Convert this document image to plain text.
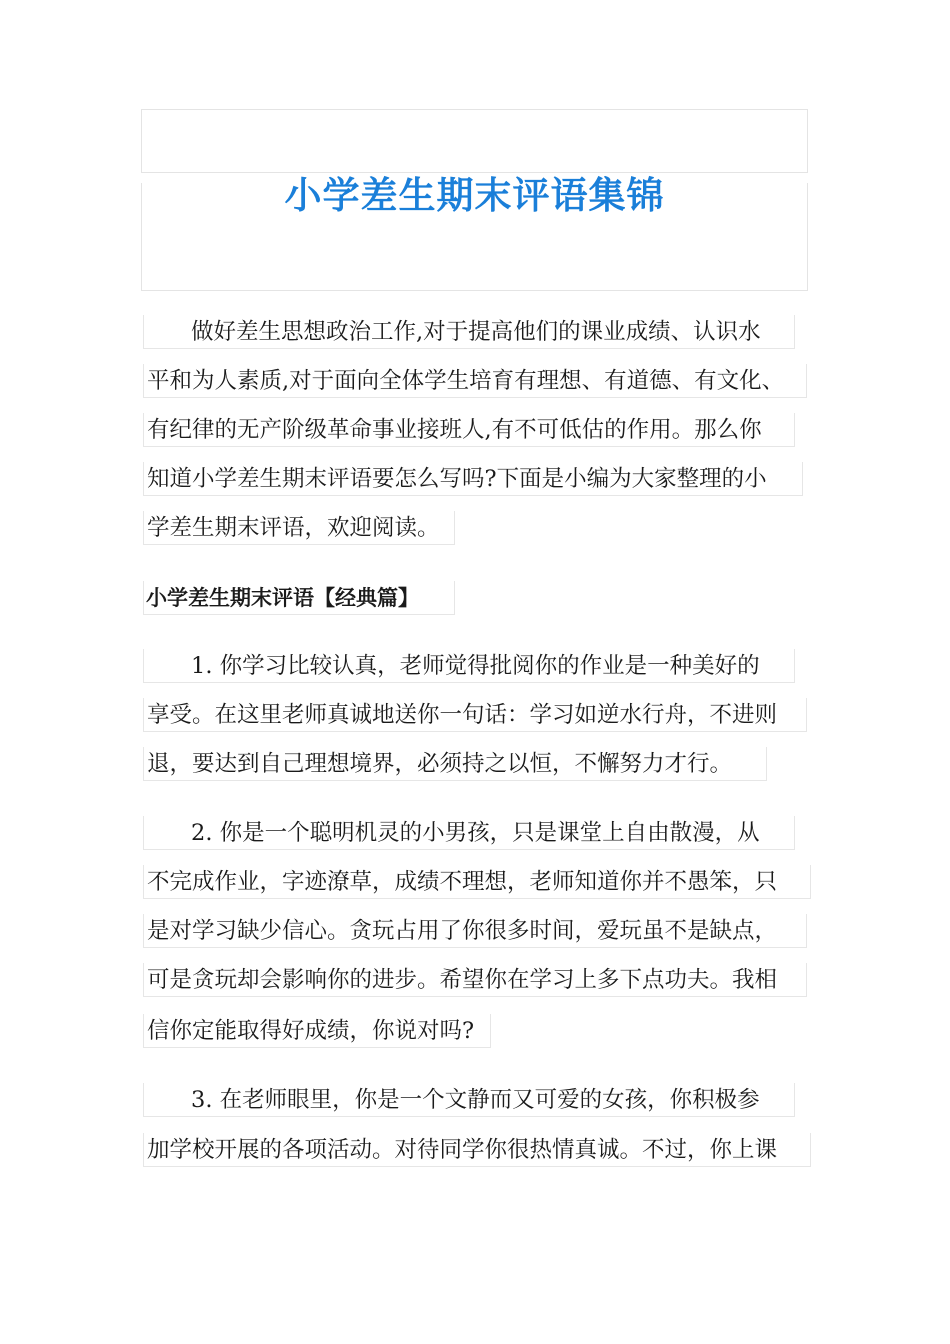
小学差生期末评语集锦
做好差生思想政治工作,对于提高他们的课业成绩、认识水
平和为人素质,对于面向全体学生培育有理想、有道德、有文化、
有纪律的无产阶级革命事业接班人,有不可低估的作用。那么你
知道小学差生期末评语要怎么写吗?下面是小编为大家整理的小
学差生期末评语，欢迎阅读。
小学差生期末评语【经典篇】
1. 你学习比较认真，老师觉得批阅你的作业是一种美好的
享受。在这里老师真诚地送你一句话：学习如逆水行舟，不进则
退，要达到自己理想境界，必须持之以恒，不懈努力才行。
2. 你是一个聪明机灵的小男孩，只是课堂上自由散漫，从
不完成作业，字迹潦草，成绩不理想，老师知道你并不愚笨，只
是对学习缺少信心。贪玩占用了你很多时间，爱玩虽不是缺点，
可是贪玩却会影响你的进步。希望你在学习上多下点功夫。我相
信你定能取得好成绩，你说对吗?
3. 在老师眼里，你是一个文静而又可爱的女孩，你积极参
加学校开展的各项活动。对待同学你很热情真诚。不过，你上课
